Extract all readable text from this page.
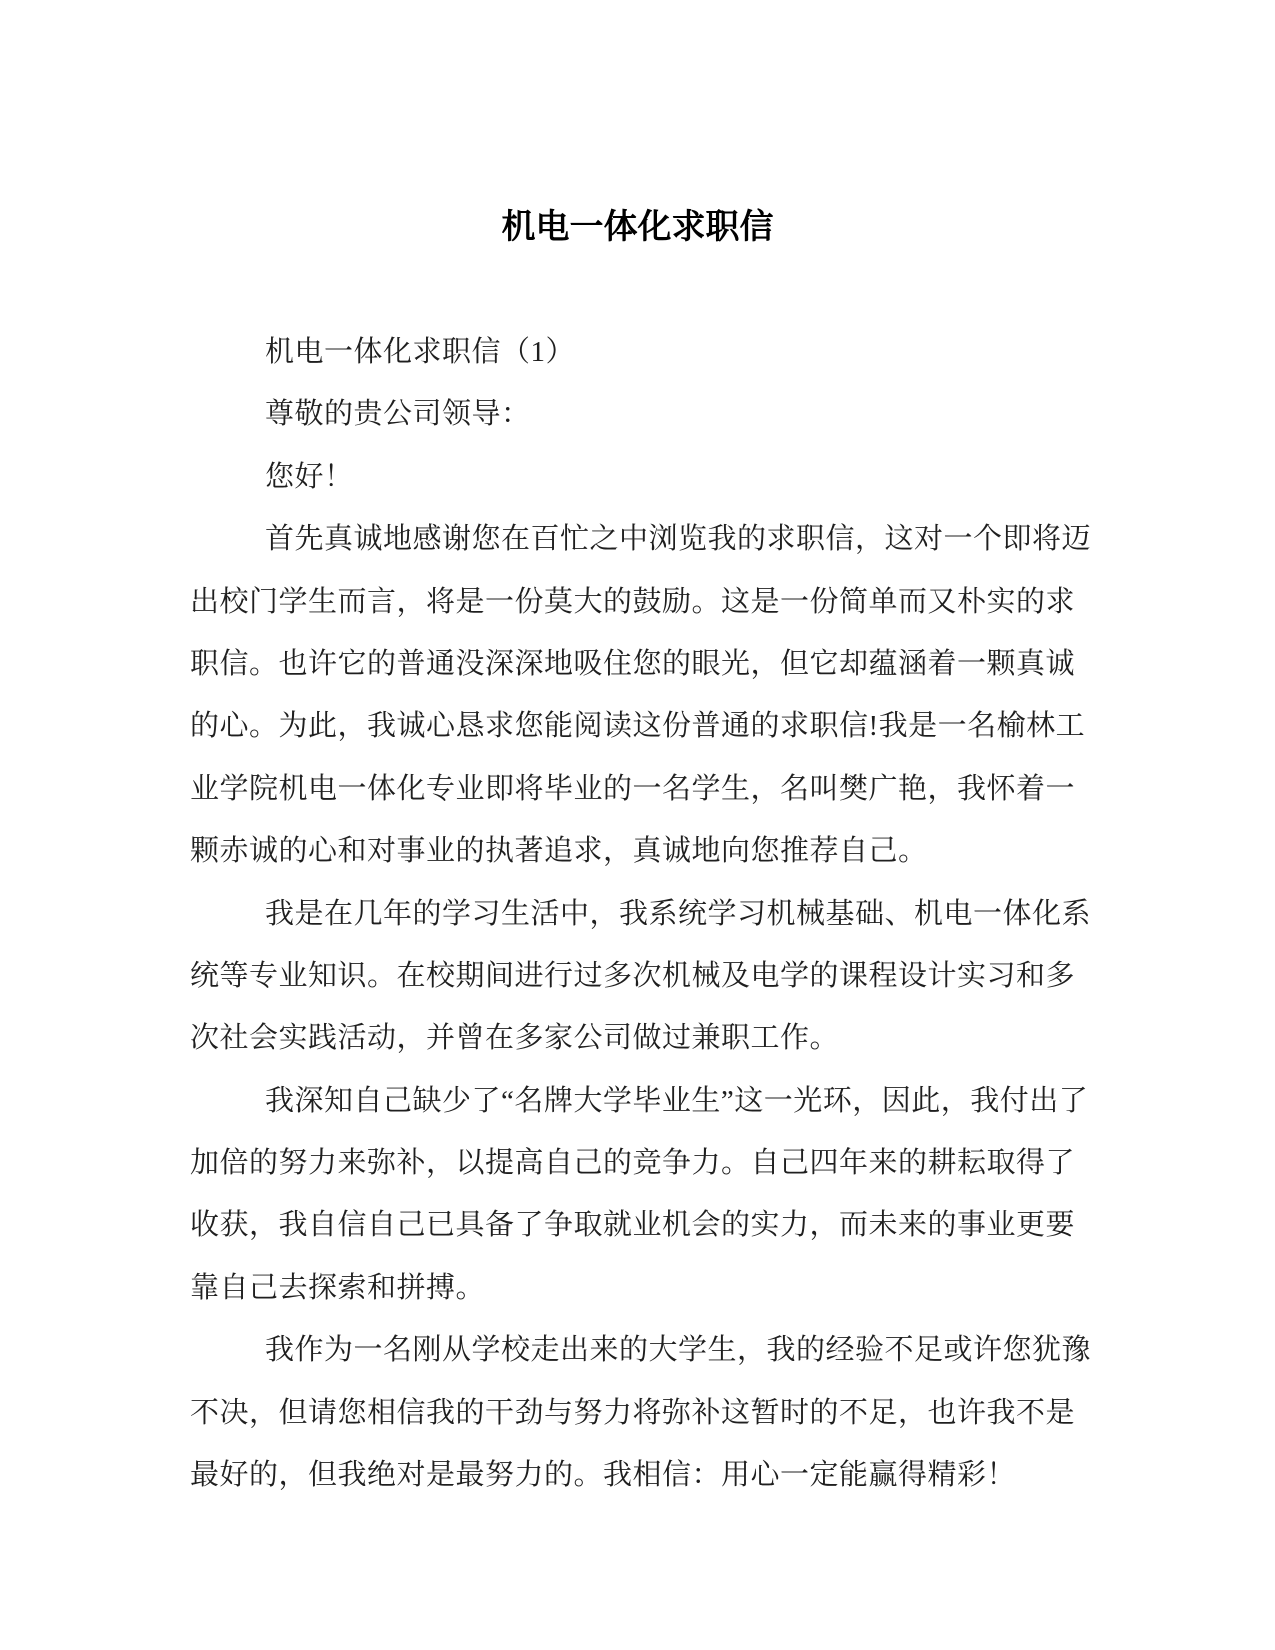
机电一体化求职信
机电一体化求职信（1）
尊敬的贵公司领导：
您好！
首先真诚地感谢您在百忙之中浏览我的求职信，这对一个即将迈
出校门学生而言，将是一份莫大的鼓励。这是一份简单而又朴实的求
职信。也许它的普通没深深地吸住您的眼光，但它却蕴涵着一颗真诚
的心。为此，我诚心恳求您能阅读这份普通的求职信!我是一名榆林工
业学院机电一体化专业即将毕业的一名学生，名叫樊广艳，我怀着一
颗赤诚的心和对事业的执著追求，真诚地向您推荐自己。
我是在几年的学习生活中，我系统学习机械基础、机电一体化系
统等专业知识。在校期间进行过多次机械及电学的课程设计实习和多
次社会实践活动，并曾在多家公司做过兼职工作。
我深知自己缺少了“名牌大学毕业生”这一光环，因此，我付出了
加倍的努力来弥补，以提高自己的竞争力。自己四年来的耕耘取得了
收获，我自信自己已具备了争取就业机会的实力，而未来的事业更要
靠自己去探索和拼搏。
我作为一名刚从学校走出来的大学生，我的经验不足或许您犹豫
不决，但请您相信我的干劲与努力将弥补这暂时的不足，也许我不是
最好的，但我绝对是最努力的。我相信：用心一定能赢得精彩！
